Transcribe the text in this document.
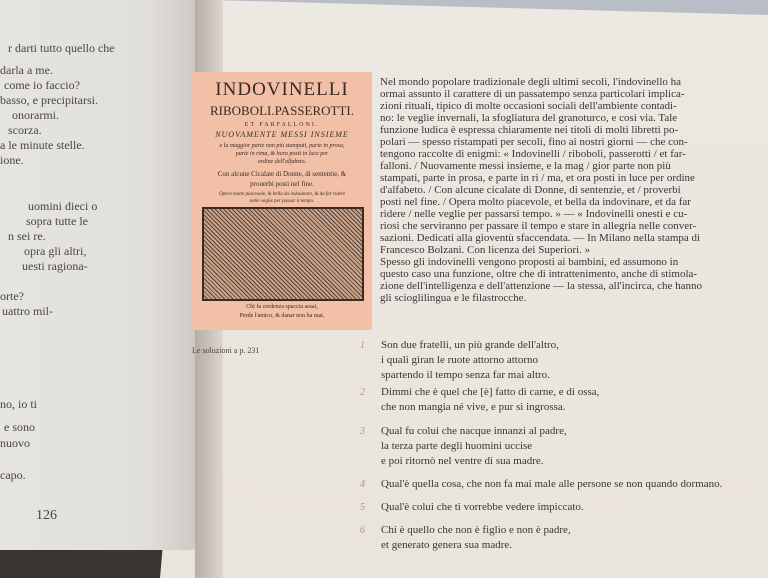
r darti tutto quello che
darla a me.
come io faccio?
basso, e precipitarsi.
onorarmi.
scorza.
a le minute stelle.
ione.
uomini dieci o
sopra tutte le
n sei re.
opra gli altri,
uesti ragiona-
orte?
uattro mil-
no, io ti
e sono
nuovo
capo.
126
INDOVINELLI
RIBOBOLI.PASSEROTTI.
ET FARFALLONI.
NUOVAMENTE MESSI INSIEME
e la maggior parte non più stampati, parte in prosa,
parte in rima, & hora posti in luce per
ordine dell'alfabeto.
Con alcune Cicalate di Donne, di sententie, &
prouerbi posti nel fine.
Opera molto piaceuole, & bella da indouinare, & da far ridere
nelle veglie per passar il tempo.
Chi fa credenza spaccia assai,
Perde l'amico, & danar non ha mai,
Le soluzioni a p. 231
Nel mondo popolare tradizionale degli ultimi secoli, l'indovinello ha
ormai assunto il carattere di un passatempo senza particolari implica-
zioni rituali, tipico di molte occasioni sociali dell'ambiente contadi-
no: le veglie invernali, la sfogliatura del granoturco, e così via. Tale
funzione ludica è espressa chiaramente nei titoli di molti libretti po-
polari — spesso ristampati per secoli, fino ai nostri giorni — che con-
tengono raccolte di enigmi: « Indovinelli / riboboli, passerotti / et far-
falloni. / Nuovamente messi insieme, e la mag / gior parte non più
stampati, parte in prosa, e parte in ri / ma, et ora posti in luce per ordine
d'alfabeto. / Con alcune cicalate di Donne, di sentenzie, et / proverbi
posti nel fine. / Opera molto piacevole, et bella da indovinare, et da far
ridere / nelle veglie per passarsi tempo. » — « Indovinelli onesti e cu-
riosi che serviranno per passare il tempo e stare in allegria nelle conver-
sazioni. Dedicati alla gioventù sfaccendata. — In Milano nella stampa di
Francesco Bolzani. Con licenza dei Superiori. »
Spesso gli indovinelli vengono proposti ai bambini, ed assumono in
questo caso una funzione, oltre che di intrattenimento, anche di stimola-
zione dell'intelligenza e dell'attenzione — la stessa, all'incirca, che hanno
gli scioglilingua e le filastrocche.
1 Son due fratelli, un più grande dell'altro,
i quali giran le ruote attorno attorno
spartendo il tempo senza far mai altro.
2 Dimmi che è quel che [è] fatto di carne, e di ossa,
che non mangia né vive, e pur si ingrossa.
3 Qual fu colui che nacque innanzi al padre,
la terza parte degli huomini uccise
e poi ritornò nel ventre di sua madre.
4 Qual'è quella cosa, che non fa mai male alle persone se non quando dormano.
5 Qual'è colui che ti vorrebbe vedere impiccato.
6 Chi è quello che non è figlio e non è padre,
et generato genera sua madre.
